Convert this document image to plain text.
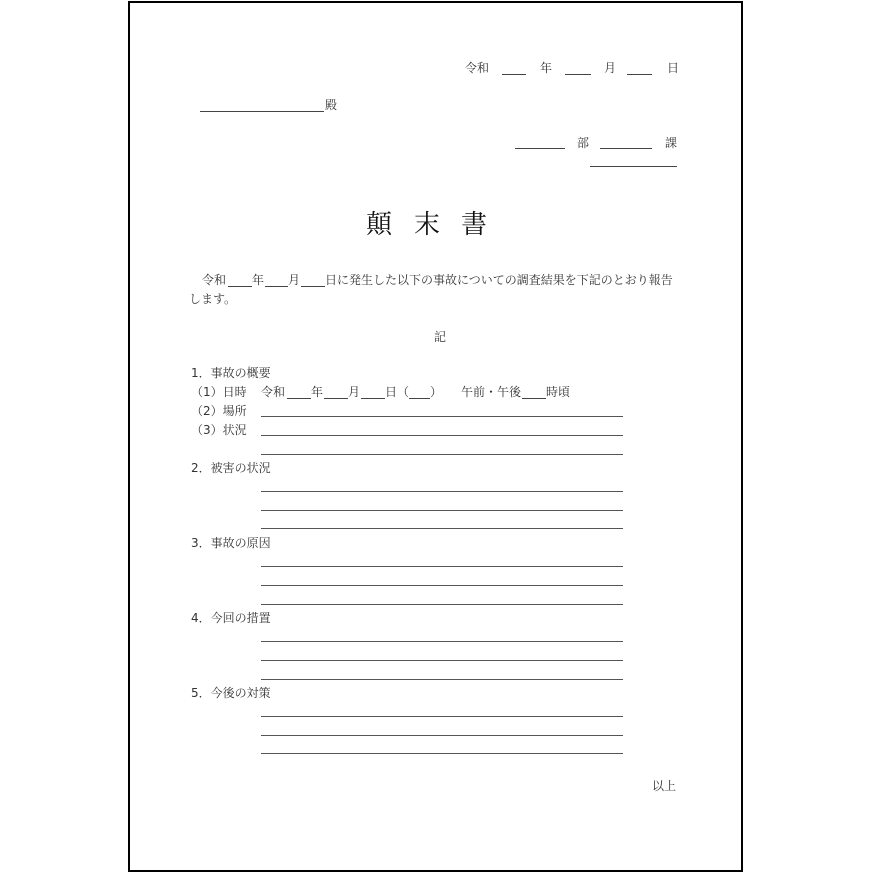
令和	年	月	日
殿
部	課
顛 末 書
令和 年 月 日に発生した以下の事故についての調査結果を下記のとおり報告
します。
記
1．事故の概要
（1）日時 令和 年 月 日（ ） 午前・午後 時頃
（2）場所
（3）状況
2．被害の状況
3．事故の原因
4．今回の措置
5．今後の対策
以上
